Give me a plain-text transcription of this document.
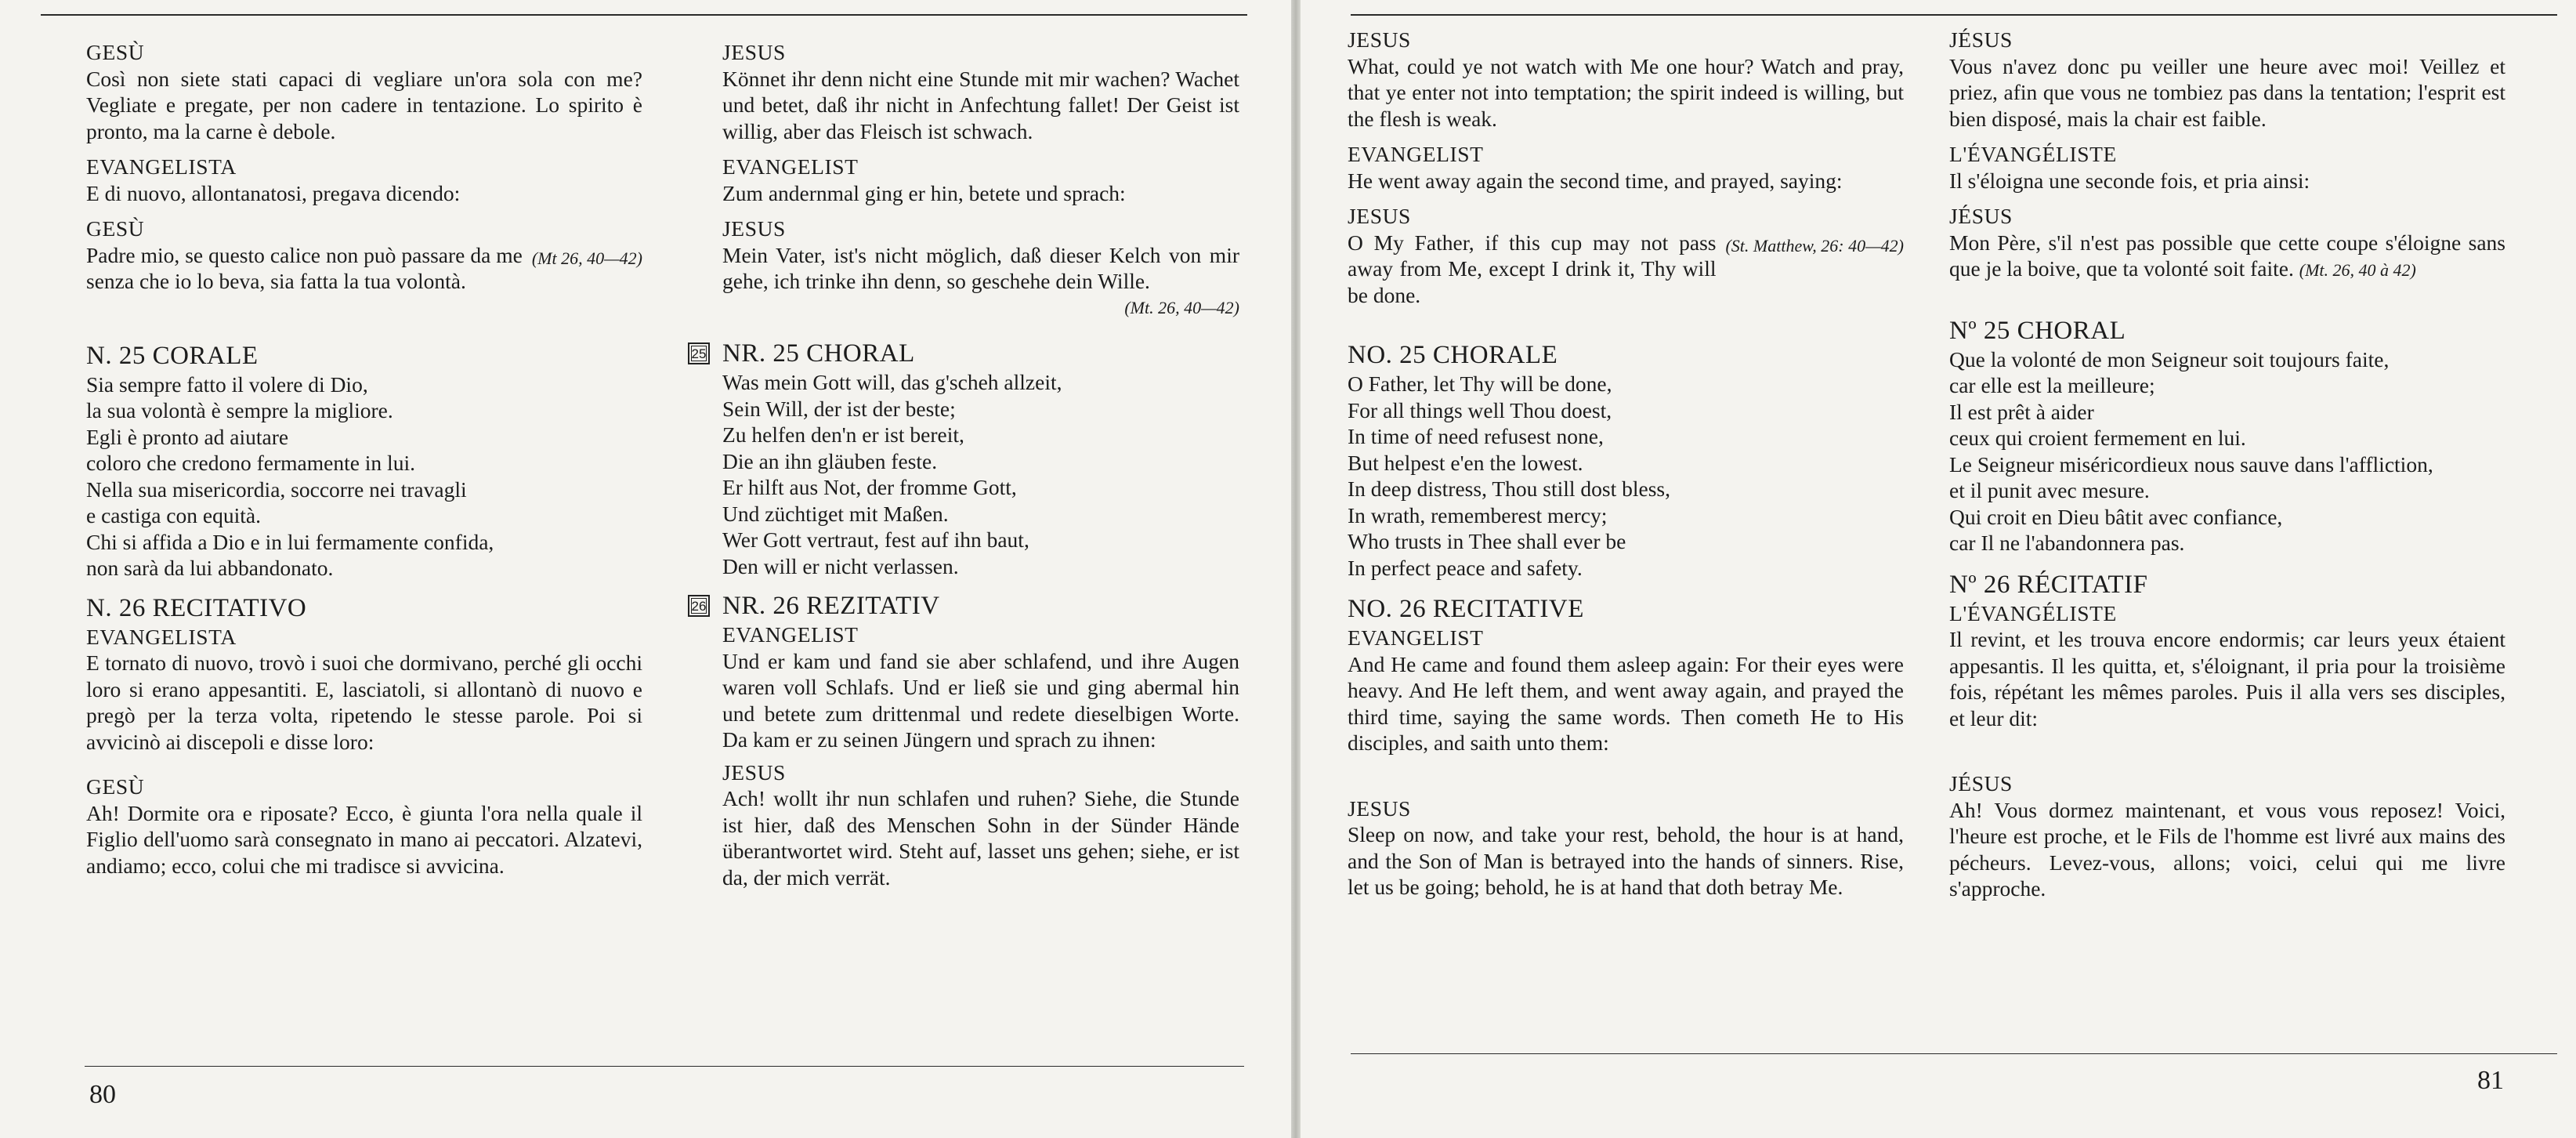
GESÙ
Così non siete stati capaci di vegliare un'ora sola con me? Vegliate e pregate, per non cadere in tentazione. Lo spirito è pronto, ma la carne è debole.
EVANGELISTA
E di nuovo, allontanatosi, pregava dicendo:
GESÙ
(Mt 26, 40—42)
Padre mio, se questo calice non può passare da me senza che io lo beva, sia fatta la tua volontà.
N. 25 CORALE
Sia sempre fatto il volere di Dio,
la sua volontà è sempre la migliore.
Egli è pronto ad aiutare
coloro che credono fermamente in lui.
Nella sua misericordia, soccorre nei travagli
e castiga con equità.
Chi si affida a Dio e in lui fermamente confida,
non sarà da lui abbandonato.
N. 26 RECITATIVO
EVANGELISTA
E tornato di nuovo, trovò i suoi che dormivano, perché gli occhi loro si erano appesantiti. E, lasciatoli, si allontanò di nuovo e pregò per la terza volta, ripetendo le stesse parole. Poi si avvicinò ai discepoli e disse loro:
GESÙ
Ah! Dormite ora e riposate? Ecco, è giunta l'ora nella quale il Figlio dell'uomo sarà consegnato in mano ai peccatori. Alzatevi, andiamo; ecco, colui che mi tradisce si avvicina.
JESUS
Könnet ihr denn nicht eine Stunde mit mir wachen? Wachet und betet, daß ihr nicht in Anfechtung fallet! Der Geist ist willig, aber das Fleisch ist schwach.
EVANGELIST
Zum andernmal ging er hin, betete und sprach:
JESUS
Mein Vater, ist's nicht möglich, daß dieser Kelch von mir gehe, ich trinke ihn denn, so geschehe dein Wille.
(Mt. 26, 40—42)
25 NR. 25 CHORAL
Was mein Gott will, das g'scheh allzeit,
Sein Will, der ist der beste;
Zu helfen den'n er ist bereit,
Die an ihn gläuben feste.
Er hilft aus Not, der fromme Gott,
Und züchtiget mit Maßen.
Wer Gott vertraut, fest auf ihn baut,
Den will er nicht verlassen.
26 NR. 26 REZITATIV
EVANGELIST
Und er kam und fand sie aber schlafend, und ihre Augen waren voll Schlafs. Und er ließ sie und ging abermal hin und betete zum drittenmal und redete dieselbigen Worte. Da kam er zu seinen Jüngern und sprach zu ihnen:
JESUS
Ach! wollt ihr nun schlafen und ruhen? Siehe, die Stunde ist hier, daß des Menschen Sohn in der Sünder Hände überantwortet wird. Steht auf, lasset uns gehen; siehe, er ist da, der mich verrät.
80
JESUS
What, could ye not watch with Me one hour? Watch and pray, that ye enter not into temptation; the spirit indeed is willing, but the flesh is weak.
EVANGELIST
He went away again the second time, and prayed, saying:
JESUS
(St. Matthew, 26: 40—42)
O My Father, if this cup may not pass away from Me, except I drink it, Thy will be done.
NO. 25 CHORALE
O Father, let Thy will be done,
For all things well Thou doest,
In time of need refusest none,
But helpest e'en the lowest.
In deep distress, Thou still dost bless,
In wrath, rememberest mercy;
Who trusts in Thee shall ever be
In perfect peace and safety.
NO. 26 RECITATIVE
EVANGELIST
And He came and found them asleep again: For their eyes were heavy. And He left them, and went away again, and prayed the third time, saying the same words. Then cometh He to His disciples, and saith unto them:
JESUS
Sleep on now, and take your rest, behold, the hour is at hand, and the Son of Man is betrayed into the hands of sinners. Rise, let us be going; behold, he is at hand that doth betray Me.
JÉSUS
Vous n'avez donc pu veiller une heure avec moi! Veillez et priez, afin que vous ne tombiez pas dans la tentation; l'esprit est bien disposé, mais la chair est faible.
L'ÉVANGÉLISTE
Il s'éloigna une seconde fois, et pria ainsi:
JÉSUS
Mon Père, s'il n'est pas possible que cette coupe s'éloigne sans que je la boive, que ta volonté soit faite. (Mt. 26, 40 à 42)
Nº 25 CHORAL
Que la volonté de mon Seigneur soit toujours faite,
car elle est la meilleure;
Il est prêt à aider
ceux qui croient fermement en lui.
Le Seigneur miséricordieux nous sauve dans l'affliction,
et il punit avec mesure.
Qui croit en Dieu bâtit avec confiance,
car Il ne l'abandonnera pas.
Nº 26 RÉCITATIF
L'ÉVANGÉLISTE
Il revint, et les trouva encore endormis; car leurs yeux étaient appesantis. Il les quitta, et, s'éloignant, il pria pour la troisième fois, répétant les mêmes paroles. Puis il alla vers ses disciples, et leur dit:
JÉSUS
Ah! Vous dormez maintenant, et vous vous reposez! Voici, l'heure est proche, et le Fils de l'homme est livré aux mains des pécheurs. Levez-vous, allons; voici, celui qui me livre s'approche.
81
